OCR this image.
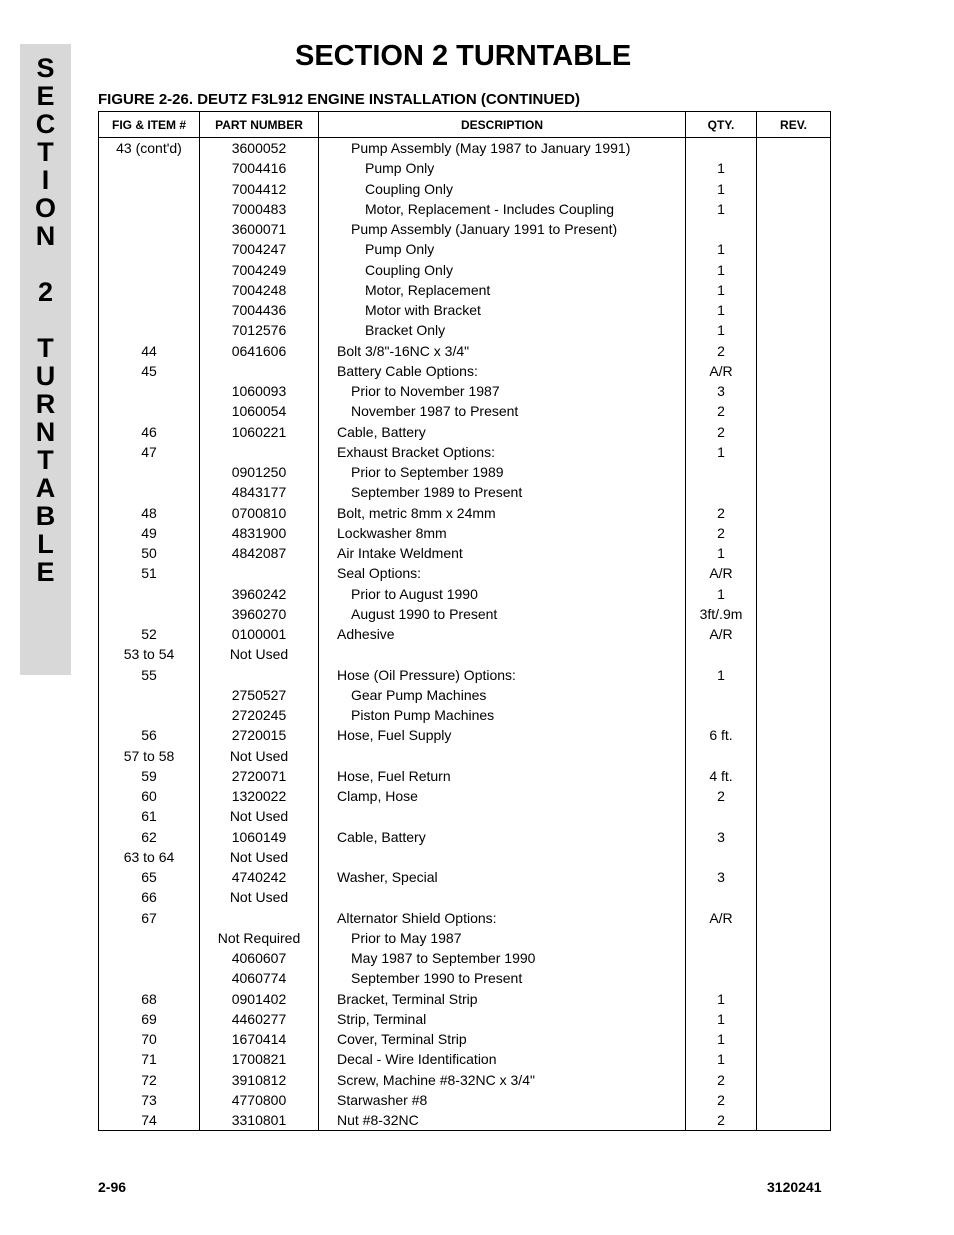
S
E
C
T
I
O
N
2
T
U
R
N
T
A
B
L
E
SECTION 2 TURNTABLE
FIGURE 2-26. DEUTZ F3L912 ENGINE INSTALLATION (CONTINUED)
FIG & ITEM #	PART NUMBER	DESCRIPTION	QTY.	REV.
43 (cont'd)	3600052	Pump Assembly (May 1987 to January 1991)		
	7004416	Pump Only	1	
	7004412	Coupling Only	1	
	7000483	Motor, Replacement - Includes Coupling	1	
	3600071	Pump Assembly (January 1991 to Present)		
	7004247	Pump Only	1	
	7004249	Coupling Only	1	
	7004248	Motor, Replacement	1	
	7004436	Motor with Bracket	1	
	7012576	Bracket Only	1	
44	0641606	Bolt 3/8"-16NC x 3/4"	2	
45		Battery Cable Options:	A/R	
	1060093	Prior to November 1987	3	
	1060054	November 1987 to Present	2	
46	1060221	Cable, Battery	2	
47		Exhaust Bracket Options:	1	
	0901250	Prior to September 1989		
	4843177	September 1989 to Present		
48	0700810	Bolt, metric 8mm x 24mm	2	
49	4831900	Lockwasher 8mm	2	
50	4842087	Air Intake Weldment	1	
51		Seal Options:	A/R	
	3960242	Prior to August 1990	1	
	3960270	August 1990 to Present	3ft/.9m	
52	0100001	Adhesive	A/R	
53 to 54	Not Used			
55		Hose (Oil Pressure) Options:	1	
	2750527	Gear Pump Machines		
	2720245	Piston Pump Machines		
56	2720015	Hose, Fuel Supply	6 ft.	
57 to 58	Not Used			
59	2720071	Hose, Fuel Return	4 ft.	
60	1320022	Clamp, Hose	2	
61	Not Used			
62	1060149	Cable, Battery	3	
63 to 64	Not Used			
65	4740242	Washer, Special	3	
66	Not Used			
67		Alternator Shield Options:	A/R	
	Not Required	Prior to May 1987		
	4060607	May 1987 to September 1990		
	4060774	September 1990 to Present		
68	0901402	Bracket, Terminal Strip	1	
69	4460277	Strip, Terminal	1	
70	1670414	Cover, Terminal Strip	1	
71	1700821	Decal - Wire Identification	1	
72	3910812	Screw, Machine #8-32NC x 3/4"	2	
73	4770800	Starwasher #8	2	
74	3310801	Nut #8-32NC	2	
2-96	3120241
